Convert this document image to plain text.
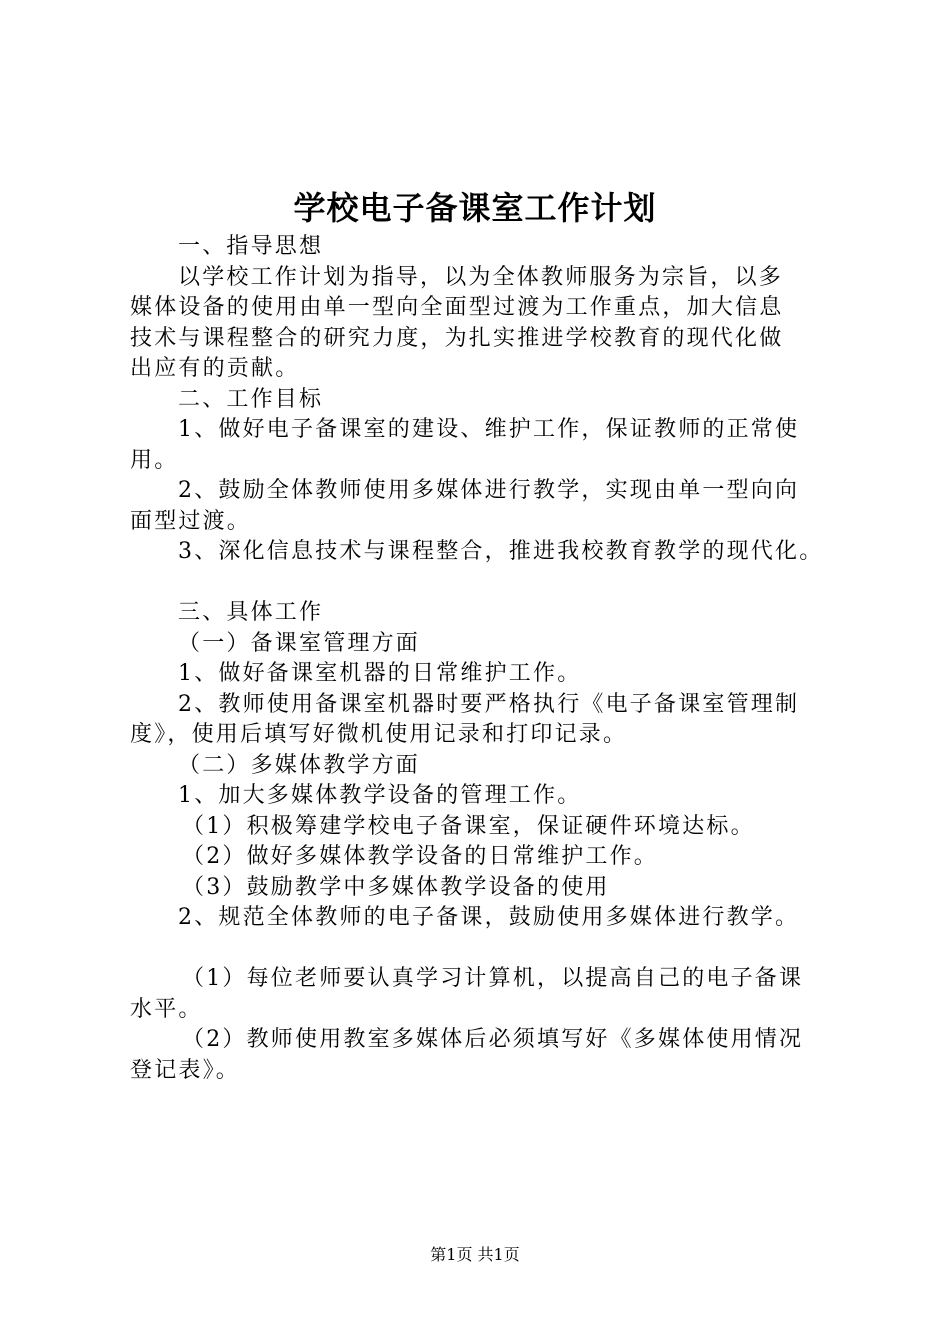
学校电子备课室工作计划

一、指导思想

以学校工作计划为指导，以为全体教师服务为宗旨，以多

媒体设备的使用由单一型向全面型过渡为工作重点，加大信息

技术与课程整合的研究力度，为扎实推进学校教育的现代化做

出应有的贡献。

二、工作目标

1、做好电子备课室的建设、维护工作，保证教师的正常使

用。

2、鼓励全体教师使用多媒体进行教学，实现由单一型向向

面型过渡。

3、深化信息技术与课程整合，推进我校教育教学的现代化。

三、具体工作

（一）备课室管理方面

1、做好备课室机器的日常维护工作。

2、教师使用备课室机器时要严格执行《电子备课室管理制

度》，使用后填写好微机使用记录和打印记录。

（二）多媒体教学方面

1、加大多媒体教学设备的管理工作。

（1）积极筹建学校电子备课室，保证硬件环境达标。

（2）做好多媒体教学设备的日常维护工作。

（3）鼓励教学中多媒体教学设备的使用

2、规范全体教师的电子备课，鼓励使用多媒体进行教学。

（1）每位老师要认真学习计算机，以提高自己的电子备课

水平。

（2）教师使用教室多媒体后必须填写好《多媒体使用情况

登记表》。

第1页 共1页
